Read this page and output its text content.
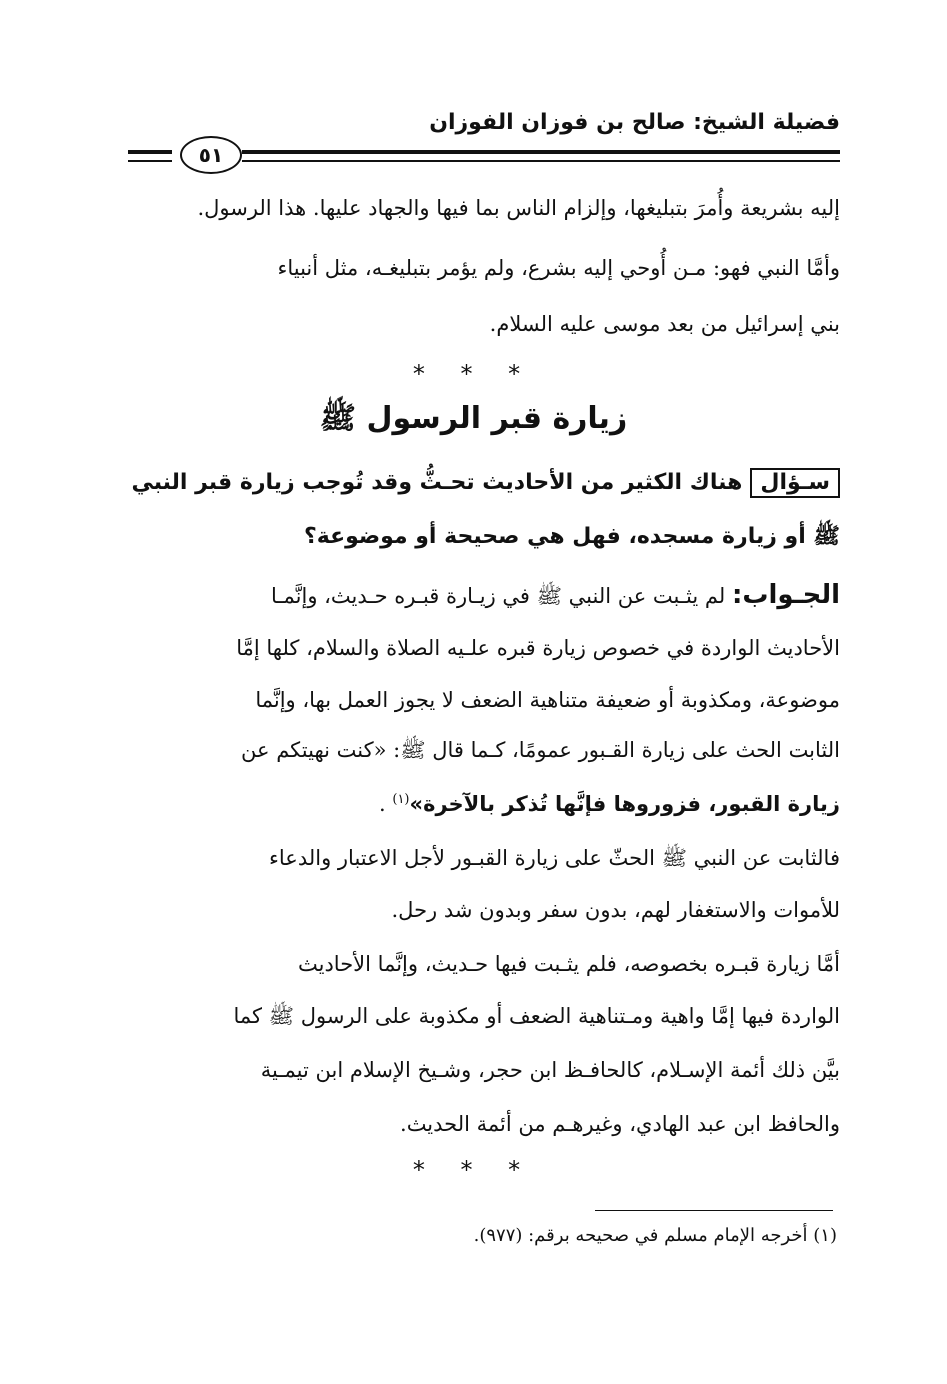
فضيلة الشيخ: صالح بن فوزان الفوزان
٥١
إليه بشريعة وأُمرَ بتبليغها، وإلزام الناس بما فيها والجهاد عليها. هذا الرسول.
وأمَّا النبي فهو: مـن أُوحي إليه بشرع، ولم يؤمر بتبليغـه، مثل أنبياء
بني إسرائيل من بعد موسى عليه السلام.
* * *
زيارة قبر الرسول ﷺ
سـؤالهناك الكثير من الأحاديث تحـثُّ وقد تُوجب زيارة قبر النبي
ﷺ أو زيارة مسجده، فهل هي صحيحة أو موضوعة؟
الجـواب: لم يثـبت عن النبي ﷺ في زيـارة قبـره حـديث، وإنَّمـا
الأحاديث الواردة في خصوص زيارة قبره علـيه الصلاة والسلام، كلها إمَّا
موضوعة، ومكذوبة أو ضعيفة متناهية الضعف لا يجوز العمل بها، وإنَّما
الثابت الحث على زيارة القـبور عمومًا، كـما قال ﷺ: «كنت نهيتكم عن
زيارة القبور، فزوروها فإنَّها تُذكر بالآخرة»$^{(١)}$ .
فالثابت عن النبي ﷺ الحثّ على زيارة القبـور لأجل الاعتبار والدعاء
للأموات والاستغفار لهم، بدون سفر وبدون شد رحل.
أمَّا زيارة قبـره بخصوصه، فلم يثـبت فيها حـديث، وإنَّما الأحاديث
الواردة فيها إمَّا واهية ومـتناهية الضعف أو مكذوبة على الرسول ﷺ كما
بيَّن ذلك أئمة الإسـلام، كالحافـظ ابن حجر، وشـيخ الإسلام ابن تيمـية
والحافظ ابن عبد الهادي، وغيرهـم من أئمة الحديث.
* * *
(١) أخرجه الإمام مسلم في صحيحه برقم: (٩٧٧).
